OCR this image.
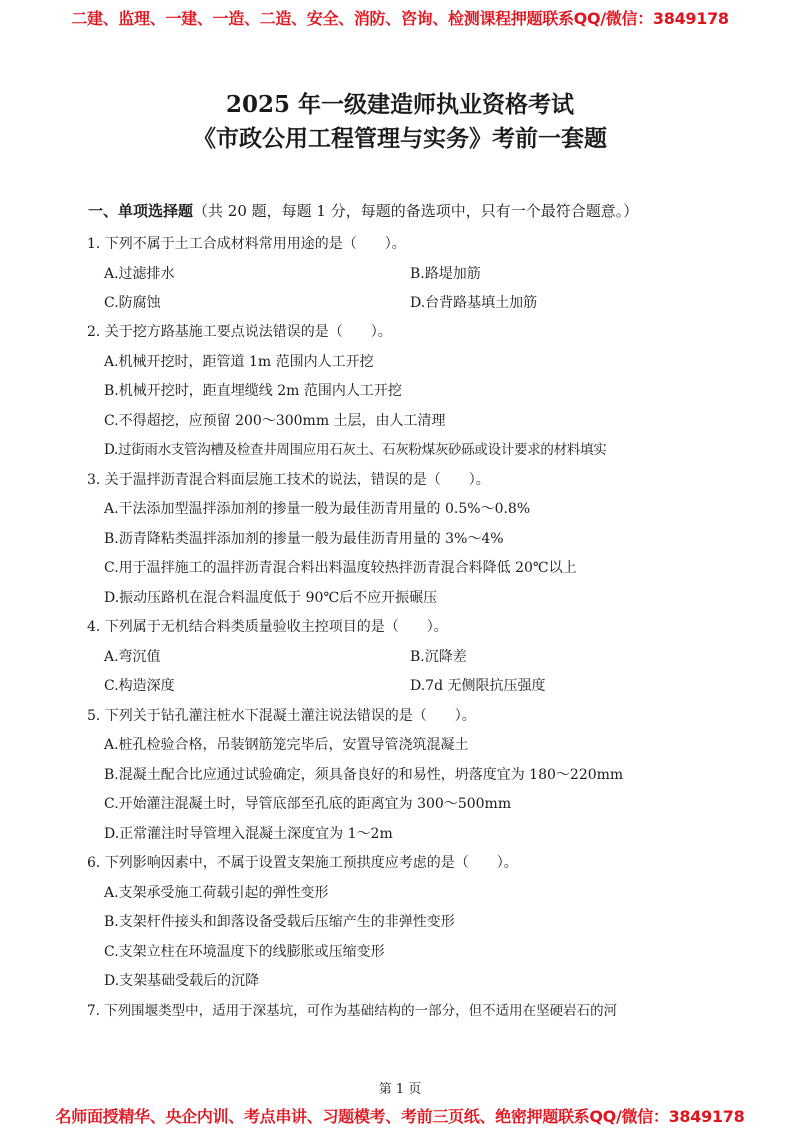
二建、监理、一建、一造、二造、安全、消防、咨询、检测课程押题联系QQ/微信：3849178
2025 年一级建造师执业资格考试
《市政公用工程管理与实务》考前一套题
一、单项选择题（共 20 题，每题 1 分，每题的备选项中，只有一个最符合题意。）
1. 下列不属于土工合成材料常用用途的是（　　）。
A.过滤排水	B.路堤加筋
C.防腐蚀	D.台背路基填土加筋
2. 关于挖方路基施工要点说法错误的是（　　）。
A.机械开挖时，距管道 1m 范围内人工开挖
B.机械开挖时，距直埋缆线 2m 范围内人工开挖
C.不得超挖，应预留 200～300mm 土层，由人工清理
D.过街雨水支管沟槽及检查井周围应用石灰土、石灰粉煤灰砂砾或设计要求的材料填实
3. 关于温拌沥青混合料面层施工技术的说法，错误的是（　　）。
A.干法添加型温拌添加剂的掺量一般为最佳沥青用量的 0.5%～0.8%
B.沥青降粘类温拌添加剂的掺量一般为最佳沥青用量的 3%～4%
C.用于温拌施工的温拌沥青混合料出料温度较热拌沥青混合料降低 20℃以上
D.振动压路机在混合料温度低于 90℃后不应开振碾压
4. 下列属于无机结合料类质量验收主控项目的是（　　）。
A.弯沉值	B.沉降差
C.构造深度	D.7d 无侧限抗压强度
5. 下列关于钻孔灌注桩水下混凝土灌注说法错误的是（　　）。
A.桩孔检验合格，吊装钢筋笼完毕后，安置导管浇筑混凝土
B.混凝土配合比应通过试验确定，须具备良好的和易性，坍落度宜为 180～220mm
C.开始灌注混凝土时，导管底部至孔底的距离宜为 300～500mm
D.正常灌注时导管埋入混凝土深度宜为 1～2m
6. 下列影响因素中，不属于设置支架施工预拱度应考虑的是（　　）。
A.支架承受施工荷载引起的弹性变形
B.支架杆件接头和卸落设备受载后压缩产生的非弹性变形
C.支架立柱在环境温度下的线膨胀或压缩变形
D.支架基础受载后的沉降
7. 下列围堰类型中，适用于深基坑，可作为基础结构的一部分，但不适用在坚硬岩石的河
第 1 页
名师面授精华、央企内训、考点串讲、习题模考、考前三页纸、绝密押题联系QQ/微信：3849178
